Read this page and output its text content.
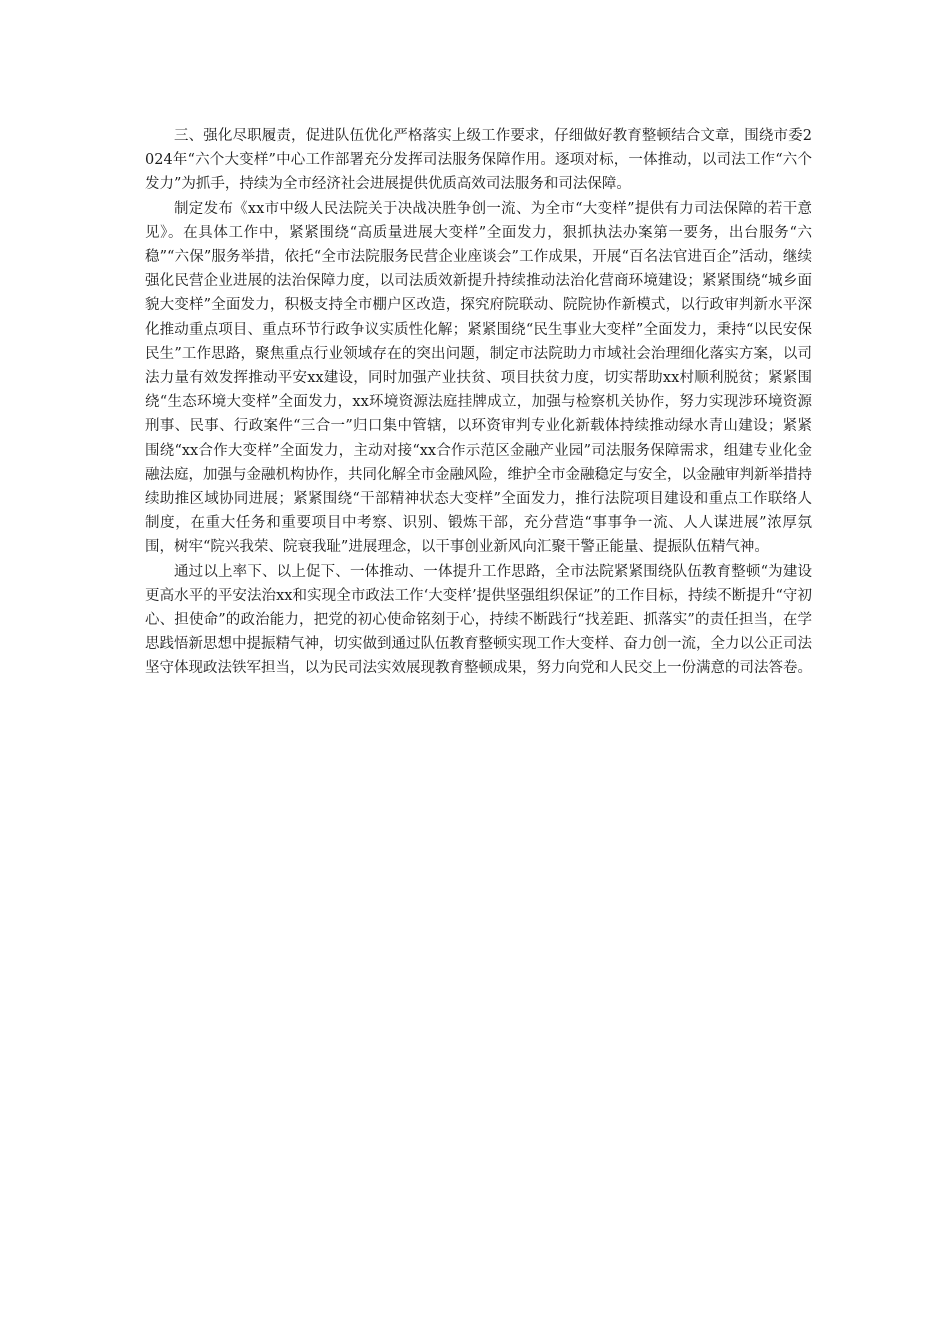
三、强化尽职履责，促进队伍优化严格落实上级工作要求，仔细做好教育整顿结合文章，围绕市委2024年“六个大变样”中心工作部署充分发挥司法服务保障作用。逐项对标，一体推动，以司法工作“六个发力”为抓手，持续为全市经济社会进展提供优质高效司法服务和司法保障。

制定发布《xx市中级人民法院关于决战决胜争创一流、为全市“大变样”提供有力司法保障的若干意见》。在具体工作中，紧紧围绕“高质量进展大变样”全面发力，狠抓执法办案第一要务，出台服务“六稳”“六保”服务举措，依托“全市法院服务民营企业座谈会”工作成果，开展“百名法官进百企”活动，继续强化民营企业进展的法治保障力度，以司法质效新提升持续推动法治化营商环境建设；紧紧围绕“城乡面貌大变样”全面发力，积极支持全市棚户区改造，探究府院联动、院院协作新模式，以行政审判新水平深化推动重点项目、重点环节行政争议实质性化解；紧紧围绕“民生事业大变样”全面发力，秉持“以民安保民生”工作思路，聚焦重点行业领域存在的突出问题，制定市法院助力市域社会治理细化落实方案，以司法力量有效发挥推动平安xx建设，同时加强产业扶贫、项目扶贫力度，切实帮助xx村顺利脱贫；紧紧围绕“生态环境大变样”全面发力，xx环境资源法庭挂牌成立，加强与检察机关协作，努力实现涉环境资源刑事、民事、行政案件“三合一”归口集中管辖，以环资审判专业化新载体持续推动绿水青山建设；紧紧围绕“xx合作大变样”全面发力，主动对接“xx合作示范区金融产业园”司法服务保障需求，组建专业化金融法庭，加强与金融机构协作，共同化解全市金融风险，维护全市金融稳定与安全，以金融审判新举措持续助推区域协同进展；紧紧围绕“干部精神状态大变样”全面发力，推行法院项目建设和重点工作联络人制度，在重大任务和重要项目中考察、识别、锻炼干部，充分营造“事事争一流、人人谋进展”浓厚氛围，树牢“院兴我荣、院衰我耻”进展理念，以干事创业新风向汇聚干警正能量、提振队伍精气神。

通过以上率下、以上促下、一体推动、一体提升工作思路，全市法院紧紧围绕队伍教育整顿“为建设更高水平的平安法治xx和实现全市政法工作‘大变样’提供坚强组织保证”的工作目标，持续不断提升“守初心、担使命”的政治能力，把党的初心使命铭刻于心，持续不断践行“找差距、抓落实”的责任担当，在学思践悟新思想中提振精气神，切实做到通过队伍教育整顿实现工作大变样、奋力创一流，全力以公正司法坚守体现政法铁军担当，以为民司法实效展现教育整顿成果，努力向党和人民交上一份满意的司法答卷。
